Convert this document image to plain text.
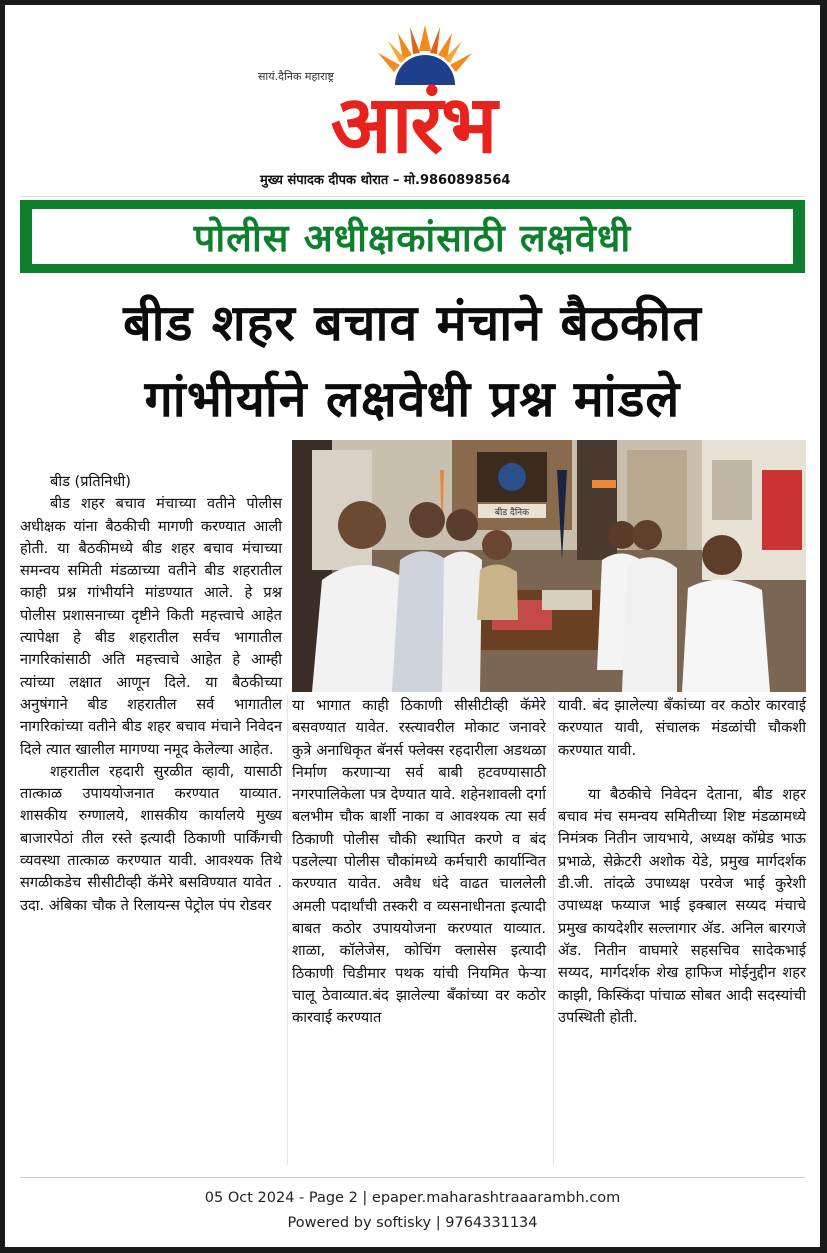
सायं.दैनिक महाराष्ट्र
आरंभ
मुख्य संपादक दीपक थोरात – मो.9860898564
पोलीस अधीक्षकांसाठी लक्षवेधी
बीड शहर बचाव मंचाने बैठकीत
गांभीर्याने लक्षवेधी प्रश्न मांडले
बीड दैनिक

बीड (प्रतिनिधी)

बीड शहर बचाव मंचाच्या वतीने पोलीस अधीक्षक यांना बैठकीची मागणी करण्यात आली होती. या बैठकीमध्ये बीड शहर बचाव मंचाच्या समन्वय समिती मंडळाच्या वतीने बीड शहरातील काही प्रश्न गांभीर्याने मांडण्यात आले. हे प्रश्न पोलीस प्रशासनाच्या दृष्टीने किती महत्त्वाचे आहेत त्यापेक्षा हे बीड शहरातील सर्वच भागातील नागरिकांसाठी अति महत्त्वाचे आहेत हे आम्ही त्यांच्या लक्षात आणून दिले. या बैठकीच्या अनुषंगाने बीड शहरातील सर्व भागातील नागरिकांच्या वतीने बीड शहर बचाव मंचाने निवेदन दिले त्यात खालील मागण्या नमूद केलेल्या आहेत.

शहरातील रहदारी सुरळीत व्हावी, यासाठी तात्काळ उपाययोजनात करण्यात याव्यात. शासकीय रुग्णालये, शासकीय कार्यालये मुख्य बाजारपेठां तील रस्ते इत्यादी ठिकाणी पार्किंगची व्यवस्था तात्काळ करण्यात यावी. आवश्यक तिथे सगळीकडेच सीसीटीव्ही कॅमेरे बसविण्यात यावेत . उदा. अंबिका चौक ते रिलायन्स पेट्रोल पंप रोडवर

या भागात काही ठिकाणी सीसीटीव्ही कॅमेरे बसवण्यात यावेत. रस्त्यावरील मोकाट जनावरे कुत्रे अनाधिकृत बॅनर्स फ्लेक्स रहदारीला अडथळा निर्माण करणाऱ्या सर्व बाबी हटवण्यासाठी नगरपालिकेला पत्र देण्यात यावे. शहेनशावली दर्गा बलभीम चौक बार्शी नाका व आवश्यक त्या सर्व ठिकाणी पोलीस चौकी स्थापित करणे व बंद पडलेल्या पोलीस चौकांमध्ये कर्मचारी कार्यान्वित करण्यात यावेत. अवैध धंदे वाढत चाललेली अमली पदार्थांची तस्करी व व्यसनाधीनता इत्यादी बाबत कठोर उपाययोजना करण्यात याव्यात. शाळा, कॉलेजेस, कोचिंग क्लासेस इत्यादी ठिकाणी चिडीमार पथक यांची नियमित फेऱ्या चालू ठेवाव्यात.बंद झालेल्या बँकांच्या वर कठोर कारवाई करण्यात

यावी. बंद झालेल्या बँकांच्या वर कठोर कारवाई करण्यात यावी, संचालक मंडळांची चौकशी करण्यात यावी.

या बैठकीचे निवेदन देताना, बीड शहर बचाव मंच समन्वय समितीच्या शिष्ट मंडळामध्ये निमंत्रक नितीन जायभाये, अध्यक्ष कॉम्रेड भाऊ प्रभाळे, सेक्रेटरी अशोक येडे, प्रमुख मार्गदर्शक डी.जी. तांदळे उपाध्यक्ष परवेज भाई कुरेशी उपाध्यक्ष फय्याज भाई इक्बाल सय्यद मंचाचे प्रमुख कायदेशीर सल्लागार ॲड. अनिल बारगजे ॲड. नितीन वाघमारे सहसचिव सादेकभाई सय्यद, मार्गदर्शक शेख हाफिज मोईनुद्दीन शहर काझी, किस्किंदा पांचाळ सोबत आदी सदस्यांची उपस्थिती होती.

05 Oct 2024 - Page 2 | epaper.maharashtraaarambh.com
Powered by softisky | 9764331134
